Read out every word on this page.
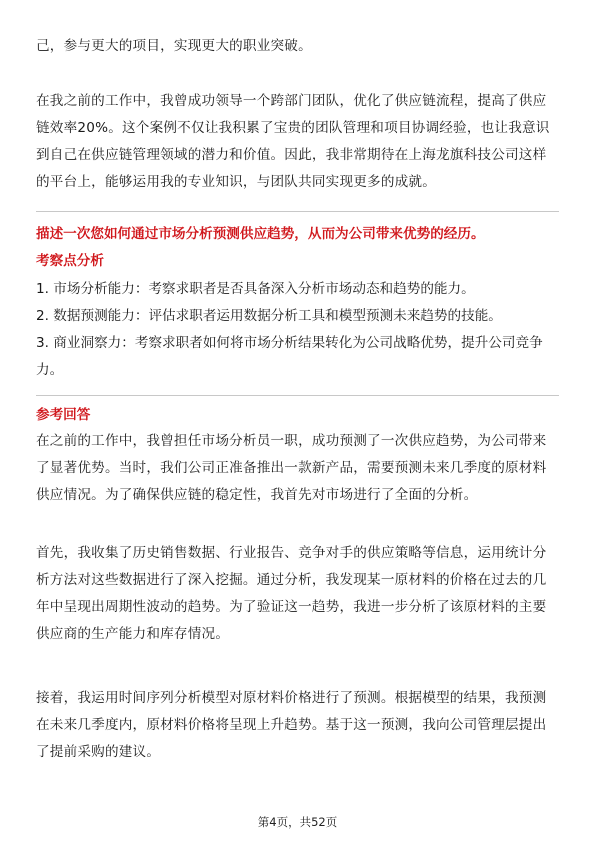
己，参与更大的项目，实现更大的职业突破。

在我之前的工作中，我曾成功领导一个跨部门团队，优化了供应链流程，提高了供应链效率20%。这个案例不仅让我积累了宝贵的团队管理和项目协调经验，也让我意识到自己在供应链管理领域的潜力和价值。因此，我非常期待在上海龙旗科技公司这样的平台上，能够运用我的专业知识，与团队共同实现更多的成就。

描述一次您如何通过市场分析预测供应趋势，从而为公司带来优势的经历。

考察点分析

1. 市场分析能力：考察求职者是否具备深入分析市场动态和趋势的能力。

2. 数据预测能力：评估求职者运用数据分析工具和模型预测未来趋势的技能。

3. 商业洞察力：考察求职者如何将市场分析结果转化为公司战略优势，提升公司竞争力。

参考回答

在之前的工作中，我曾担任市场分析员一职，成功预测了一次供应趋势，为公司带来了显著优势。当时，我们公司正准备推出一款新产品，需要预测未来几季度的原材料供应情况。为了确保供应链的稳定性，我首先对市场进行了全面的分析。

首先，我收集了历史销售数据、行业报告、竞争对手的供应策略等信息，运用统计分析方法对这些数据进行了深入挖掘。通过分析，我发现某一原材料的价格在过去的几年中呈现出周期性波动的趋势。为了验证这一趋势，我进一步分析了该原材料的主要供应商的生产能力和库存情况。

接着，我运用时间序列分析模型对原材料价格进行了预测。根据模型的结果，我预测在未来几季度内，原材料价格将呈现上升趋势。基于这一预测，我向公司管理层提出了提前采购的建议。

第4页，共52页
